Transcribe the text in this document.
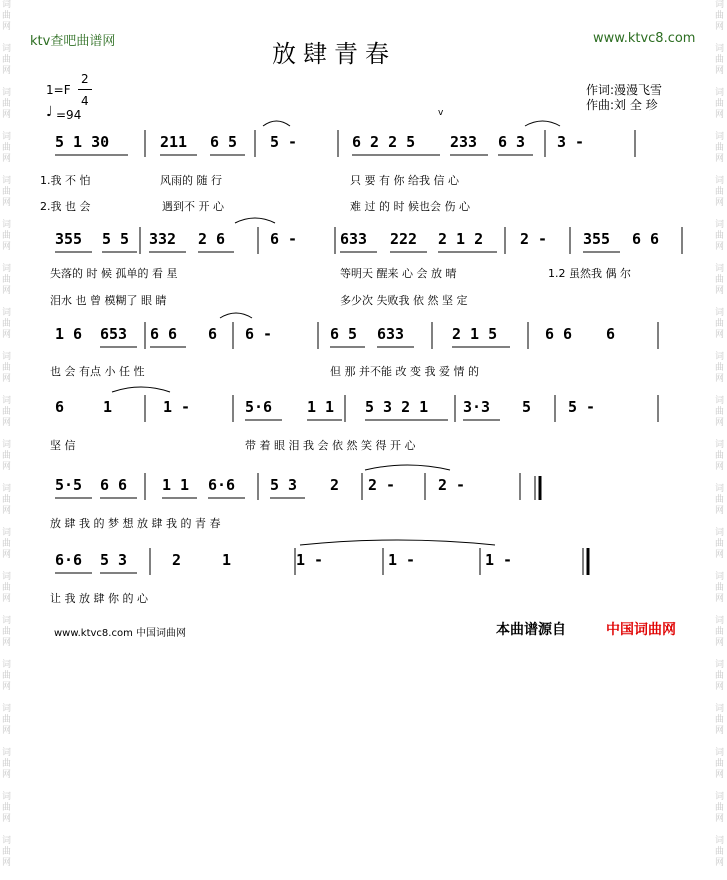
词
曲
网

词
曲
网

词
曲
网

词
曲
网

词
曲
网

词
曲
网

词
曲
网

词
曲
网

词
曲
网

词
曲
网

词
曲
网

词
曲
网

词
曲
网

词
曲
网

词
曲
网

词
曲
网

词
曲
网

词
曲
网

词
曲
网

词
曲
网

词
曲
网

词
曲
网

词
曲
网

词
曲
网

词
曲
网

词
曲
网

词
曲
网

词
曲
网

词
曲
网

词
曲
网

词
曲
网

词
曲
网

词
曲
网

词
曲
网

词
曲
网

词
曲
网

词
曲
网

词
曲
网

词
曲
网

词
曲
网

ktv查吧曲谱网	www.ktvc8.com
放肆青春
1=F
2
4
♩ =94
作词:漫漫飞雪
作曲:刘 全 珍
v
5 1 30	211 6 5 5 -	6 2 2 5 233 6 3 3 -
1.我 不 怕	风雨的 随 行	只 要 有 你 给我 信 心
2.我 也 会	遇到不 开 心	难 过 的 时 候也会 伤 心
355 5 5 332 2 6	6 -	633 222 2 1 2 2 - 355 6 6
失落的 时 候 孤单的 看 星	等明天 醒来 心 会 放 晴	1.2 虽然我 偶 尔
泪水 也 曾 模糊了 眼 睛	多少次 失败我 依 然 坚 定
1 6 653 6 6 6 6 -	6 5 633	2 1 5	6 6 6
也 会 有点 小 任 性	但 那 并不能 改 变 我 爱 情 的
6	1	1 -	5·6 1 1 5 3 2 1 3·3 5 5 -
坚 信	带 着 眼 泪 我 会 依 然 笑 得 开 心
5·5 6 6 1 1 6·6 5 3 2 2 -	2 -
放 肆 我 的 梦 想 放 肆 我 的 青 春
6·6 5 3	2	1	1 -	1 -	1 -
让 我 放 肆 你 的 心
www.ktvc8.com 中国词曲网	本曲谱源自	中国词曲网
